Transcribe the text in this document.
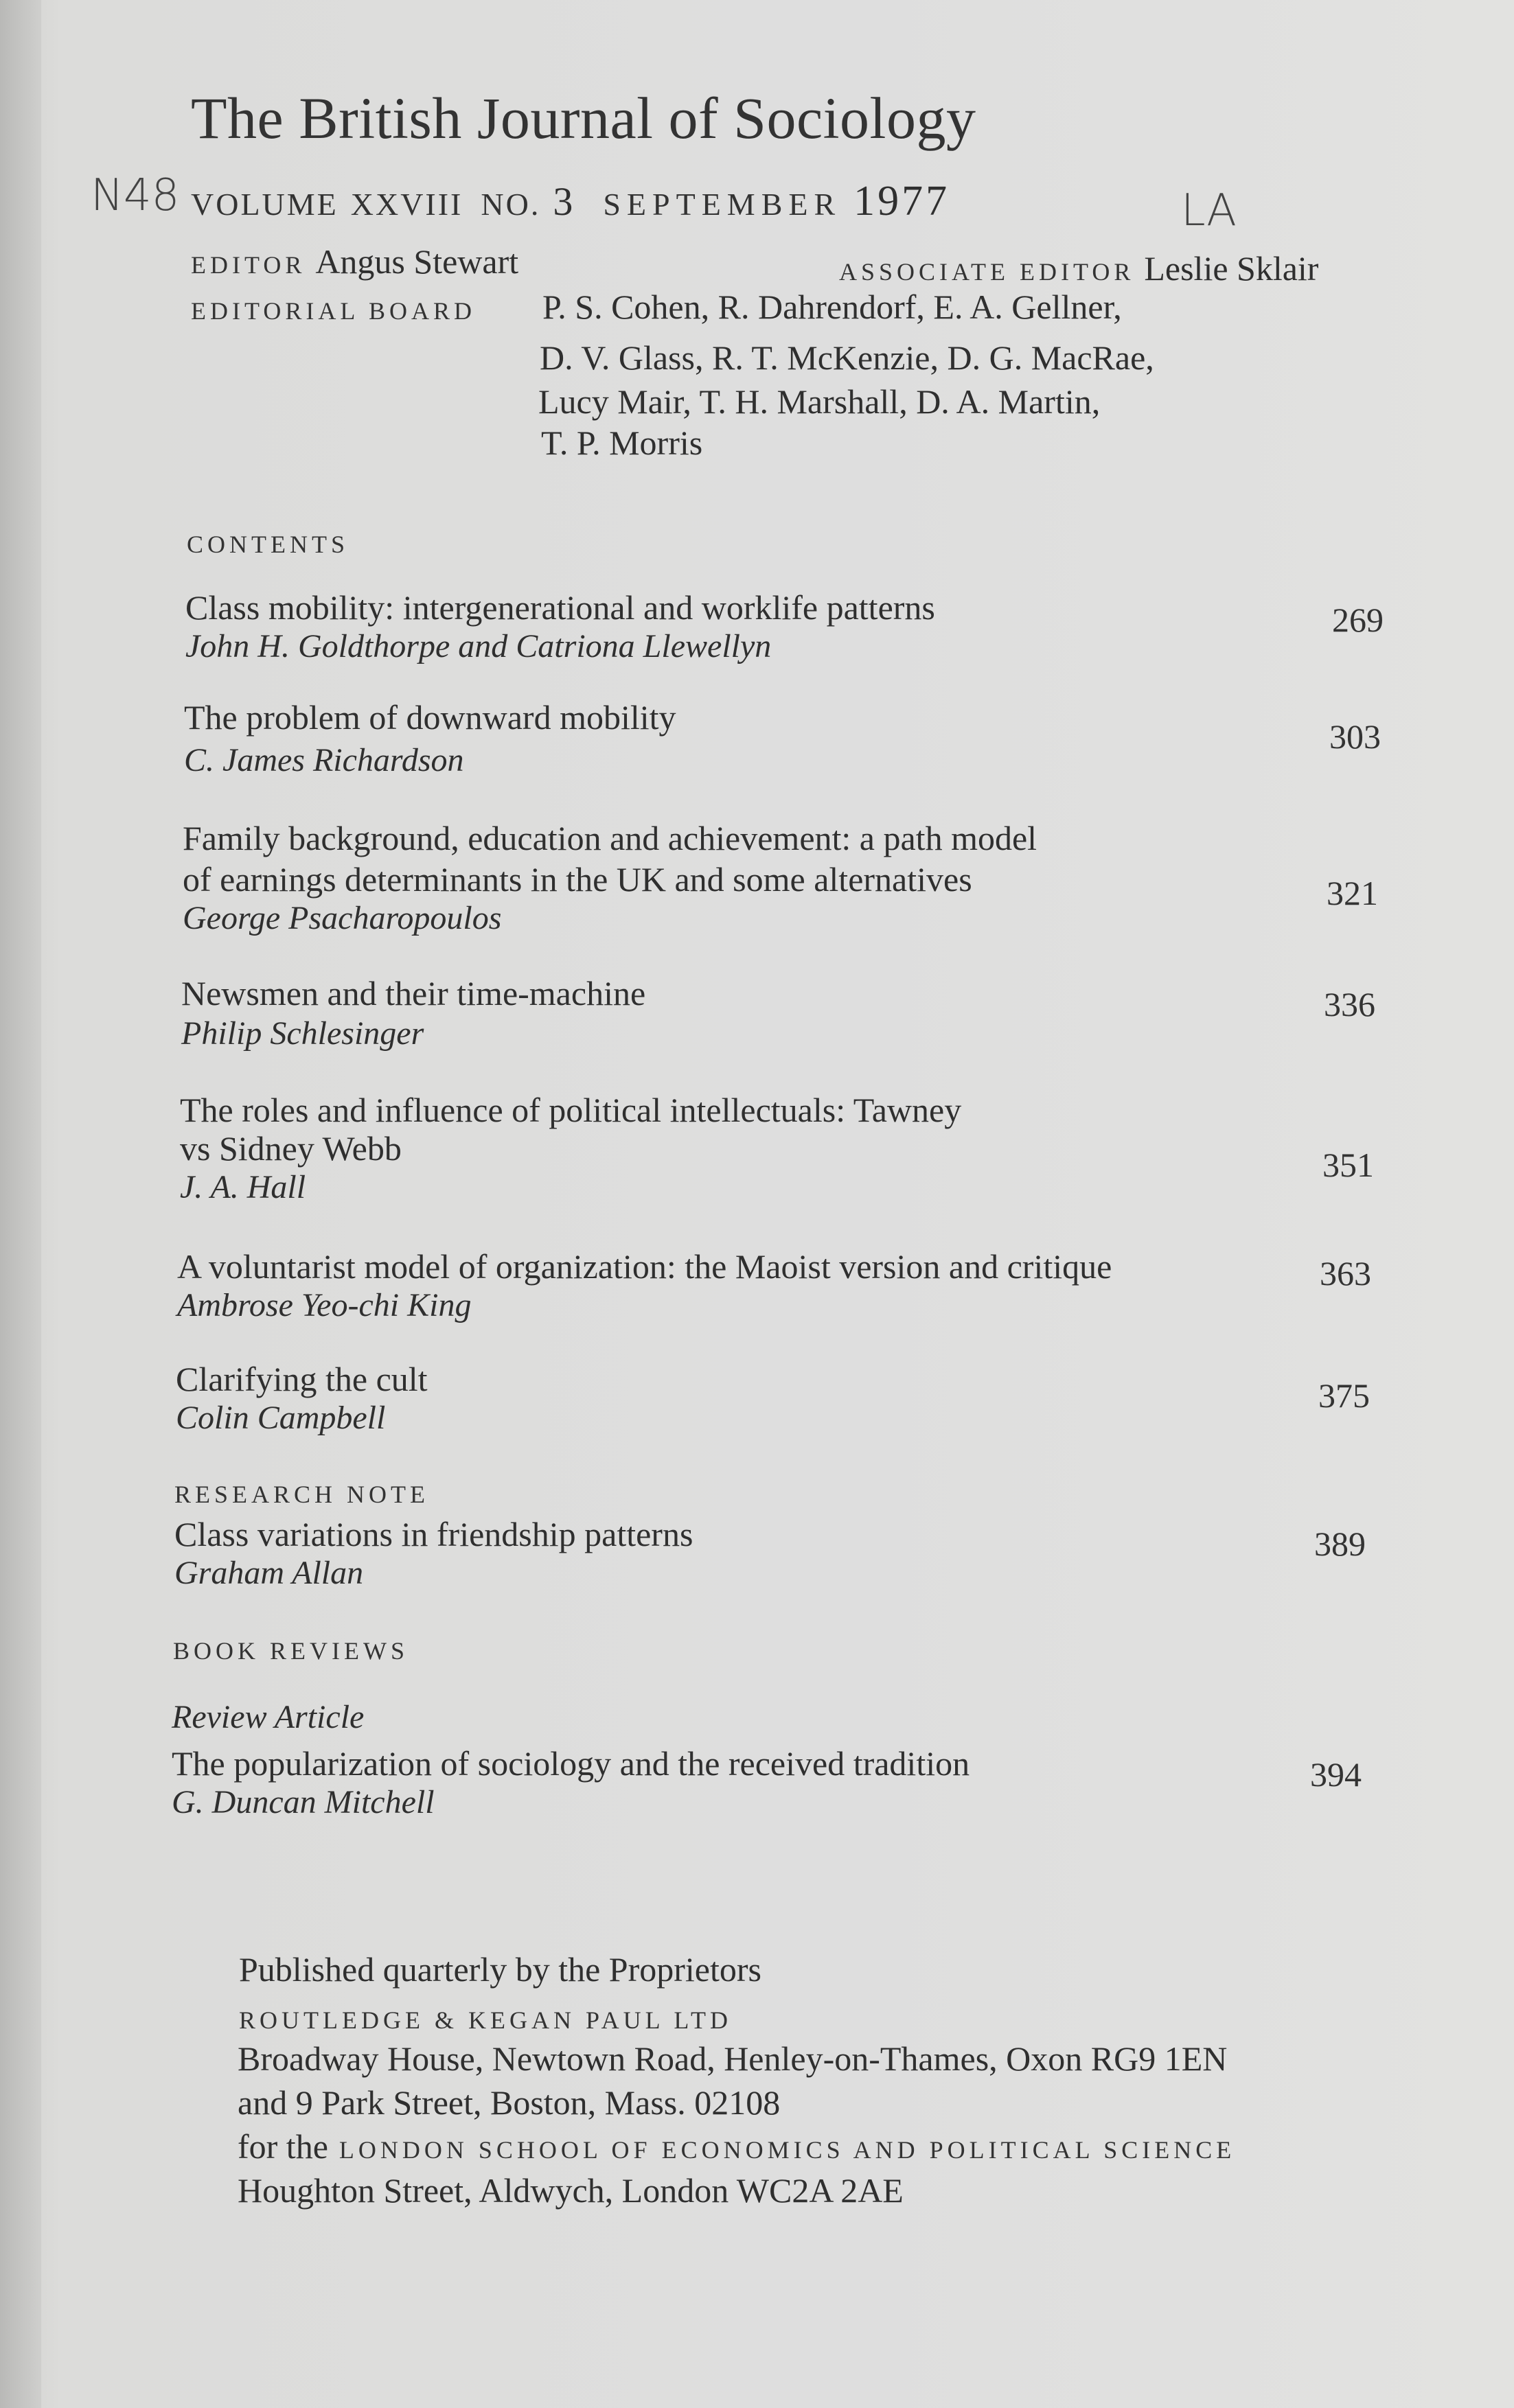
The British Journal of Sociology
N48	LA
VOLUME XXVIII NO. 3 SEPTEMBER 1977
EDITOR Angus Stewart	ASSOCIATE EDITOR Leslie Sklair
EDITORIAL BOARD P. S. Cohen, R. Dahrendorf, E. A. Gellner,
D. V. Glass, R. T. McKenzie, D. G. MacRae,
Lucy Mair, T. H. Marshall, D. A. Martin,
T. P. Morris
CONTENTS
Class mobility: intergenerational and worklife patterns
John H. Goldthorpe and Catriona Llewellyn
269
The problem of downward mobility
C. James Richardson
303
Family background, education and achievement: a path model
of earnings determinants in the UK and some alternatives
George Psacharopoulos
321
Newsmen and their time-machine
Philip Schlesinger
336
The roles and influence of political intellectuals: Tawney
vs Sidney Webb
J. A. Hall
351
A voluntarist model of organization: the Maoist version and critique
Ambrose Yeo-chi King
363
Clarifying the cult
Colin Campbell
375
RESEARCH NOTE
Class variations in friendship patterns
Graham Allan
389
BOOK REVIEWS
Review Article
The popularization of sociology and the received tradition
G. Duncan Mitchell
394
Published quarterly by the Proprietors
ROUTLEDGE & KEGAN PAUL LTD
Broadway House, Newtown Road, Henley-on-Thames, Oxon RG9 1EN
and 9 Park Street, Boston, Mass. 02108
for the LONDON SCHOOL OF ECONOMICS AND POLITICAL SCIENCE
Houghton Street, Aldwych, London WC2A 2AE
